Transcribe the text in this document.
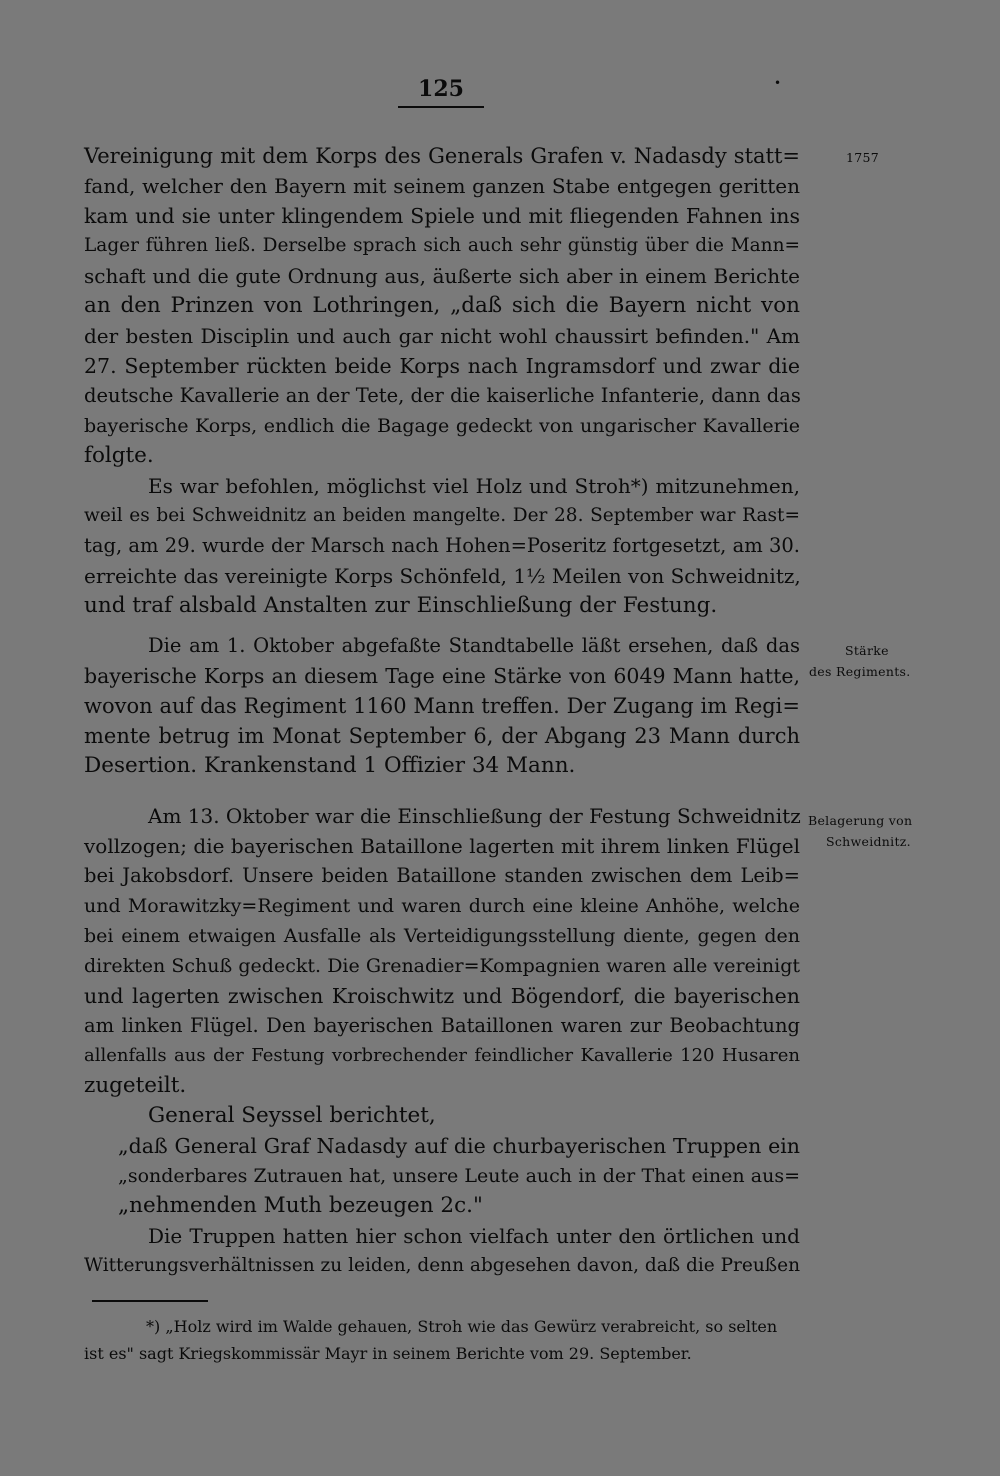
125	•
Vereinigung mit dem Korps des Generals Grafen v. Nadasdy statt=
fand, welcher den Bayern mit seinem ganzen Stabe entgegen geritten
kam und sie unter klingendem Spiele und mit fliegenden Fahnen ins
Lager führen ließ. Derselbe sprach sich auch sehr günstig über die Mann=
schaft und die gute Ordnung aus, äußerte sich aber in einem Berichte
an den Prinzen von Lothringen, „daß sich die Bayern nicht von
der besten Disciplin und auch gar nicht wohl chaussirt befinden." Am
27. September rückten beide Korps nach Ingramsdorf und zwar die
deutsche Kavallerie an der Tete, der die kaiserliche Infanterie, dann das
bayerische Korps, endlich die Bagage gedeckt von ungarischer Kavallerie
folgte.
Es war befohlen, möglichst viel Holz und Stroh*) mitzunehmen,
weil es bei Schweidnitz an beiden mangelte. Der 28. September war Rast=
tag, am 29. wurde der Marsch nach Hohen=Poseritz fortgesetzt, am 30.
erreichte das vereinigte Korps Schönfeld, 1½ Meilen von Schweidnitz,
und traf alsbald Anstalten zur Einschließung der Festung.
Die am 1. Oktober abgefaßte Standtabelle läßt ersehen, daß das
bayerische Korps an diesem Tage eine Stärke von 6049 Mann hatte,
wovon auf das Regiment 1160 Mann treffen. Der Zugang im Regi=
mente betrug im Monat September 6, der Abgang 23 Mann durch
Desertion. Krankenstand 1 Offizier 34 Mann.
Am 13. Oktober war die Einschließung der Festung Schweidnitz
vollzogen; die bayerischen Bataillone lagerten mit ihrem linken Flügel
bei Jakobsdorf. Unsere beiden Bataillone standen zwischen dem Leib=
und Morawitzky=Regiment und waren durch eine kleine Anhöhe, welche
bei einem etwaigen Ausfalle als Verteidigungsstellung diente, gegen den
direkten Schuß gedeckt. Die Grenadier=Kompagnien waren alle vereinigt
und lagerten zwischen Kroischwitz und Bögendorf, die bayerischen
am linken Flügel. Den bayerischen Bataillonen waren zur Beobachtung
allenfalls aus der Festung vorbrechender feindlicher Kavallerie 120 Husaren
zugeteilt.
General Seyssel berichtet,
„daß General Graf Nadasdy auf die churbayerischen Truppen ein
„sonderbares Zutrauen hat, unsere Leute auch in der That einen aus=
„nehmenden Muth bezeugen 2c."
Die Truppen hatten hier schon vielfach unter den örtlichen und
Witterungsverhältnissen zu leiden, denn abgesehen davon, daß die Preußen
1757
Stärke
des Regiments.
Belagerung von
Schweidnitz.
*) „Holz wird im Walde gehauen, Stroh wie das Gewürz verabreicht, so selten
ist es" sagt Kriegskommissär Mayr in seinem Berichte vom 29. September.
